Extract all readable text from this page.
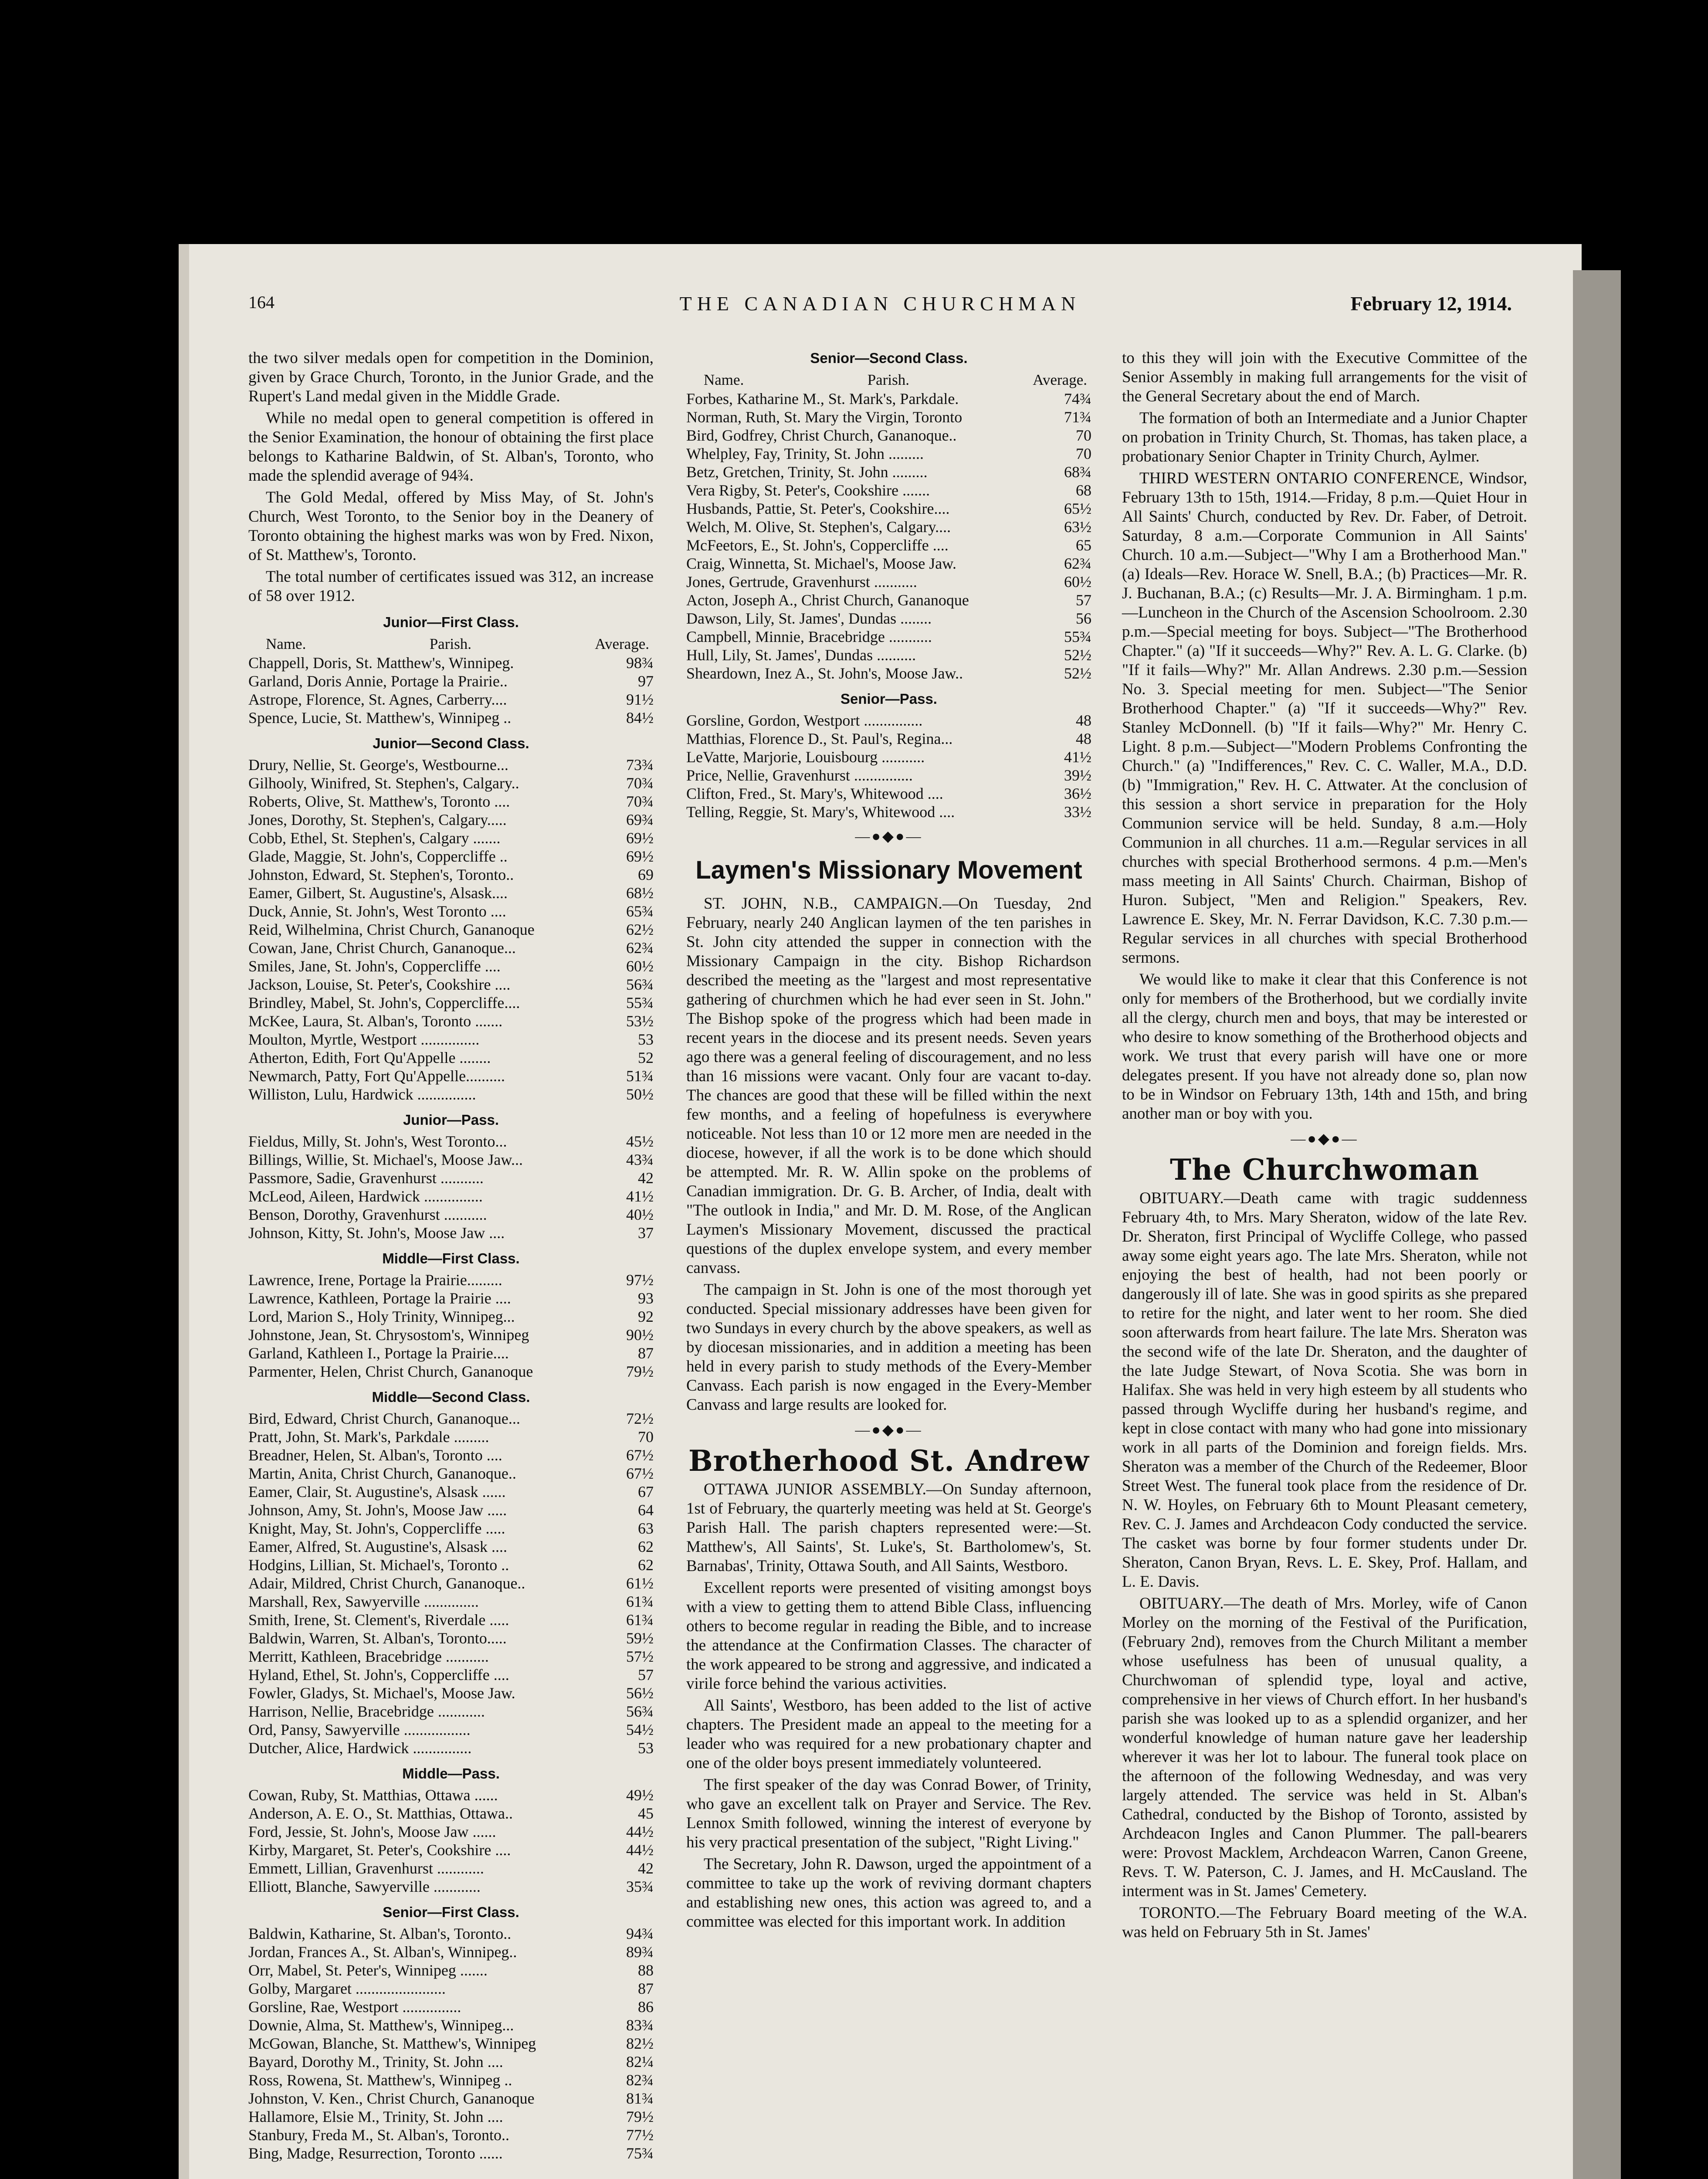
THE CANADIAN CHURCHMAN
164	February 12, 1914.

the two silver medals open for competition in the Dominion, given by Grace Church, Toronto, in the Junior Grade, and the Rupert's Land medal given in the Middle Grade.

While no medal open to general competition is offered in the Senior Examination, the honour of obtaining the first place belongs to Katharine Baldwin, of St. Alban's, Toronto, who made the splendid average of 94¾.

The Gold Medal, offered by Miss May, of St. John's Church, West Toronto, to the Senior boy in the Deanery of Toronto obtaining the highest marks was won by Fred. Nixon, of St. Matthew's, Toronto.

The total number of certificates issued was 312, an increase of 58 over 1912.

Junior—First Class.
Name.	Parish.	Average.
Chappell, Doris, St. Matthew's, Winnipeg.	98¾
Garland, Doris Annie, Portage la Prairie..	97
Astrope, Florence, St. Agnes, Carberry....	91½
Spence, Lucie, St. Matthew's, Winnipeg ..	84½
Junior—Second Class.
Drury, Nellie, St. George's, Westbourne...	73¾
Gilhooly, Winifred, St. Stephen's, Calgary..	70¾
Roberts, Olive, St. Matthew's, Toronto ....	70¾
Jones, Dorothy, St. Stephen's, Calgary.....	69¾
Cobb, Ethel, St. Stephen's, Calgary .......	69½
Glade, Maggie, St. John's, Coppercliffe ..	69½
Johnston, Edward, St. Stephen's, Toronto..	69
Eamer, Gilbert, St. Augustine's, Alsask....	68½
Duck, Annie, St. John's, West Toronto ....	65¾
Reid, Wilhelmina, Christ Church, Gananoque	62½
Cowan, Jane, Christ Church, Gananoque...	62¾
Smiles, Jane, St. John's, Coppercliffe ....	60½
Jackson, Louise, St. Peter's, Cookshire ....	56¾
Brindley, Mabel, St. John's, Coppercliffe....	55¾
McKee, Laura, St. Alban's, Toronto .......	53½
Moulton, Myrtle, Westport ...............	53
Atherton, Edith, Fort Qu'Appelle ........	52
Newmarch, Patty, Fort Qu'Appelle..........	51¾
Williston, Lulu, Hardwick ...............	50½
Junior—Pass.
Fieldus, Milly, St. John's, West Toronto...	45½
Billings, Willie, St. Michael's, Moose Jaw...	43¾
Passmore, Sadie, Gravenhurst ...........	42
McLeod, Aileen, Hardwick ...............	41½
Benson, Dorothy, Gravenhurst ...........	40½
Johnson, Kitty, St. John's, Moose Jaw ....	37
Middle—First Class.
Lawrence, Irene, Portage la Prairie.........	97½
Lawrence, Kathleen, Portage la Prairie ....	93
Lord, Marion S., Holy Trinity, Winnipeg...	92
Johnstone, Jean, St. Chrysostom's, Winnipeg	90½
Garland, Kathleen I., Portage la Prairie....	87
Parmenter, Helen, Christ Church, Gananoque	79½
Middle—Second Class.
Bird, Edward, Christ Church, Gananoque...	72½
Pratt, John, St. Mark's, Parkdale .........	70
Breadner, Helen, St. Alban's, Toronto ....	67½
Martin, Anita, Christ Church, Gananoque..	67½
Eamer, Clair, St. Augustine's, Alsask ......	67
Johnson, Amy, St. John's, Moose Jaw .....	64
Knight, May, St. John's, Coppercliffe .....	63
Eamer, Alfred, St. Augustine's, Alsask ....	62
Hodgins, Lillian, St. Michael's, Toronto ..	62
Adair, Mildred, Christ Church, Gananoque..	61½
Marshall, Rex, Sawyerville ..............	61¾
Smith, Irene, St. Clement's, Riverdale .....	61¾
Baldwin, Warren, St. Alban's, Toronto.....	59½
Merritt, Kathleen, Bracebridge ...........	57½
Hyland, Ethel, St. John's, Coppercliffe ....	57
Fowler, Gladys, St. Michael's, Moose Jaw.	56½
Harrison, Nellie, Bracebridge ............	56¾
Ord, Pansy, Sawyerville .................	54½
Dutcher, Alice, Hardwick ...............	53
Middle—Pass.
Cowan, Ruby, St. Matthias, Ottawa ......	49½
Anderson, A. E. O., St. Matthias, Ottawa..	45
Ford, Jessie, St. John's, Moose Jaw ......	44½
Kirby, Margaret, St. Peter's, Cookshire ....	44½
Emmett, Lillian, Gravenhurst ............	42
Elliott, Blanche, Sawyerville ............	35¾
Senior—First Class.
Baldwin, Katharine, St. Alban's, Toronto..	94¾
Jordan, Frances A., St. Alban's, Winnipeg..	89¾
Orr, Mabel, St. Peter's, Winnipeg .......	88
Golby, Margaret .......................	87
Gorsline, Rae, Westport ...............	86
Downie, Alma, St. Matthew's, Winnipeg...	83¾
McGowan, Blanche, St. Matthew's, Winnipeg	82½
Bayard, Dorothy M., Trinity, St. John ....	82¼
Ross, Rowena, St. Matthew's, Winnipeg ..	82¾
Johnston, V. Ken., Christ Church, Gananoque	81¾
Hallamore, Elsie M., Trinity, St. John ....	79½
Stanbury, Freda M., St. Alban's, Toronto..	77½
Bing, Madge, Resurrection, Toronto ......	75¾
Senior—Second Class.
Name.	Parish.	Average.
Forbes, Katharine M., St. Mark's, Parkdale.	74¾
Norman, Ruth, St. Mary the Virgin, Toronto	71¾
Bird, Godfrey, Christ Church, Gananoque..	70
Whelpley, Fay, Trinity, St. John .........	70
Betz, Gretchen, Trinity, St. John .........	68¾
Vera Rigby, St. Peter's, Cookshire .......	68
Husbands, Pattie, St. Peter's, Cookshire....	65½
Welch, M. Olive, St. Stephen's, Calgary....	63½
McFeetors, E., St. John's, Coppercliffe ....	65
Craig, Winnetta, St. Michael's, Moose Jaw.	62¾
Jones, Gertrude, Gravenhurst ...........	60½
Acton, Joseph A., Christ Church, Gananoque	57
Dawson, Lily, St. James', Dundas ........	56
Campbell, Minnie, Bracebridge ...........	55¾
Hull, Lily, St. James', Dundas ..........	52½
Sheardown, Inez A., St. John's, Moose Jaw..	52½
Senior—Pass.
Gorsline, Gordon, Westport ...............	48
Matthias, Florence D., St. Paul's, Regina...	48
LeVatte, Marjorie, Louisbourg ...........	41½
Price, Nellie, Gravenhurst ...............	39½
Clifton, Fred., St. Mary's, Whitewood ....	36½
Telling, Reggie, St. Mary's, Whitewood ....	33½
—●◆●—
Laymen's Missionary Movement

ST. JOHN, N.B., CAMPAIGN.—On Tuesday, 2nd February, nearly 240 Anglican laymen of the ten parishes in St. John city attended the supper in connection with the Missionary Campaign in the city. Bishop Richardson described the meeting as the "largest and most representative gathering of churchmen which he had ever seen in St. John." The Bishop spoke of the progress which had been made in recent years in the diocese and its present needs. Seven years ago there was a general feeling of discouragement, and no less than 16 missions were vacant. Only four are vacant to-day. The chances are good that these will be filled within the next few months, and a feeling of hopefulness is everywhere noticeable. Not less than 10 or 12 more men are needed in the diocese, however, if all the work is to be done which should be attempted. Mr. R. W. Allin spoke on the problems of Canadian immigration. Dr. G. B. Archer, of India, dealt with "The outlook in India," and Mr. D. M. Rose, of the Anglican Laymen's Missionary Movement, discussed the practical questions of the duplex envelope system, and every member canvass.

The campaign in St. John is one of the most thorough yet conducted. Special missionary addresses have been given for two Sundays in every church by the above speakers, as well as by diocesan missionaries, and in addition a meeting has been held in every parish to study methods of the Every-Member Canvass. Each parish is now engaged in the Every-Member Canvass and large results are looked for.

—●◆●—
Brotherhood St. Andrew

OTTAWA JUNIOR ASSEMBLY.—On Sunday afternoon, 1st of February, the quarterly meeting was held at St. George's Parish Hall. The parish chapters represented were:—St. Matthew's, All Saints', St. Luke's, St. Bartholomew's, St. Barnabas', Trinity, Ottawa South, and All Saints, Westboro.

Excellent reports were presented of visiting amongst boys with a view to getting them to attend Bible Class, influencing others to become regular in reading the Bible, and to increase the attendance at the Confirmation Classes. The character of the work appeared to be strong and aggressive, and indicated a virile force behind the various activities.

All Saints', Westboro, has been added to the list of active chapters. The President made an appeal to the meeting for a leader who was required for a new probationary chapter and one of the older boys present immediately volunteered.

The first speaker of the day was Conrad Bower, of Trinity, who gave an excellent talk on Prayer and Service. The Rev. Lennox Smith followed, winning the interest of everyone by his very practical presentation of the subject, "Right Living."

The Secretary, John R. Dawson, urged the appointment of a committee to take up the work of reviving dormant chapters and establishing new ones, this action was agreed to, and a committee was elected for this important work. In addition

to this they will join with the Executive Committee of the Senior Assembly in making full arrangements for the visit of the General Secretary about the end of March.

The formation of both an Intermediate and a Junior Chapter on probation in Trinity Church, St. Thomas, has taken place, a probationary Senior Chapter in Trinity Church, Aylmer.

THIRD WESTERN ONTARIO CONFERENCE, Windsor, February 13th to 15th, 1914.—Friday, 8 p.m.—Quiet Hour in All Saints' Church, conducted by Rev. Dr. Faber, of Detroit. Saturday, 8 a.m.—Corporate Communion in All Saints' Church. 10 a.m.—Subject—"Why I am a Brotherhood Man." (a) Ideals—Rev. Horace W. Snell, B.A.; (b) Practices—Mr. R. J. Buchanan, B.A.; (c) Results—Mr. J. A. Birmingham. 1 p.m.—Luncheon in the Church of the Ascension Schoolroom. 2.30 p.m.—Special meeting for boys. Subject—"The Brotherhood Chapter." (a) "If it succeeds—Why?" Rev. A. L. G. Clarke. (b) "If it fails—Why?" Mr. Allan Andrews. 2.30 p.m.—Session No. 3. Special meeting for men. Subject—"The Senior Brotherhood Chapter." (a) "If it succeeds—Why?" Rev. Stanley McDonnell. (b) "If it fails—Why?" Mr. Henry C. Light. 8 p.m.—Subject—"Modern Problems Confronting the Church." (a) "Indifferences," Rev. C. C. Waller, M.A., D.D. (b) "Immigration," Rev. H. C. Attwater. At the conclusion of this session a short service in preparation for the Holy Communion service will be held. Sunday, 8 a.m.—Holy Communion in all churches. 11 a.m.—Regular services in all churches with special Brotherhood sermons. 4 p.m.—Men's mass meeting in All Saints' Church. Chairman, Bishop of Huron. Subject, "Men and Religion." Speakers, Rev. Lawrence E. Skey, Mr. N. Ferrar Davidson, K.C. 7.30 p.m.—Regular services in all churches with special Brotherhood sermons.

We would like to make it clear that this Conference is not only for members of the Brotherhood, but we cordially invite all the clergy, church men and boys, that may be interested or who desire to know something of the Brotherhood objects and work. We trust that every parish will have one or more delegates present. If you have not already done so, plan now to be in Windsor on February 13th, 14th and 15th, and bring another man or boy with you.

—●◆●—
The Churchwoman

OBITUARY.—Death came with tragic suddenness February 4th, to Mrs. Mary Sheraton, widow of the late Rev. Dr. Sheraton, first Principal of Wycliffe College, who passed away some eight years ago. The late Mrs. Sheraton, while not enjoying the best of health, had not been poorly or dangerously ill of late. She was in good spirits as she prepared to retire for the night, and later went to her room. She died soon afterwards from heart failure. The late Mrs. Sheraton was the second wife of the late Dr. Sheraton, and the daughter of the late Judge Stewart, of Nova Scotia. She was born in Halifax. She was held in very high esteem by all students who passed through Wycliffe during her husband's regime, and kept in close contact with many who had gone into missionary work in all parts of the Dominion and foreign fields. Mrs. Sheraton was a member of the Church of the Redeemer, Bloor Street West. The funeral took place from the residence of Dr. N. W. Hoyles, on February 6th to Mount Pleasant cemetery, Rev. C. J. James and Archdeacon Cody conducted the service. The casket was borne by four former students under Dr. Sheraton, Canon Bryan, Revs. L. E. Skey, Prof. Hallam, and L. E. Davis.

OBITUARY.—The death of Mrs. Morley, wife of Canon Morley on the morning of the Festival of the Purification, (February 2nd), removes from the Church Militant a member whose usefulness has been of unusual quality, a Churchwoman of splendid type, loyal and active, comprehensive in her views of Church effort. In her husband's parish she was looked up to as a splendid organizer, and her wonderful knowledge of human nature gave her leadership wherever it was her lot to labour. The funeral took place on the afternoon of the following Wednesday, and was very largely attended. The service was held in St. Alban's Cathedral, conducted by the Bishop of Toronto, assisted by Archdeacon Ingles and Canon Plummer. The pall-bearers were: Provost Macklem, Archdeacon Warren, Canon Greene, Revs. T. W. Paterson, C. J. James, and H. McCausland. The interment was in St. James' Cemetery.

TORONTO.—The February Board meeting of the W.A. was held on February 5th in St. James'
